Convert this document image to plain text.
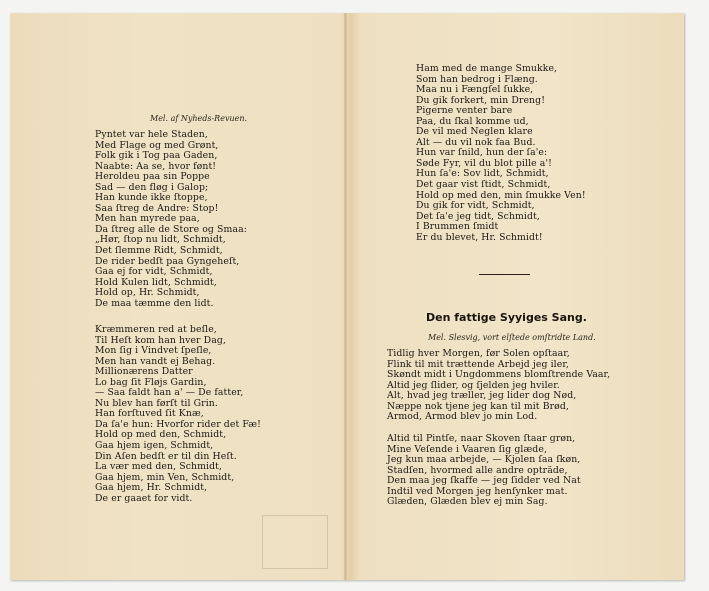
Mel. af Nyheds-Revuen.
Pyntet var hele Staden,
Med Flage og med Grønt,
Folk gik i Tog paa Gaden,
Naabte: Aa se, hvor fønt!
Heroldeu paa sin Poppe
Sad — den fløg i Galop;
Han kunde ikke ſtoppe,
Saa ſtreg de Andre: Stop!
Men han myrede paa,
Da ſtreg alle de Store og Smaa:
„Hør, ſtop nu lidt, Schmidt,
Det ſlemme Ridt, Schmidt,
De rider bedſt paa Gyngeheſt,
Gaa ej for vidt, Schmidt,
Hold Kulen lidt, Schmidt,
Hold op, Hr. Schmidt,
De maa tæmme den lidt.
Kræmmeren red at beſle,
Til Heſt kom han hver Dag,
Mon ſig i Vindvet ſpeſle,
Men han vandt ej Behag.
Millionærens Datter
Lo bag ſit Fløjs Gardin,
— Saa faldt han a' — De fatter,
Nu blev han førſt til Grin.
Han forſtuved ſit Knæ,
Da ſa'e hun: Hvorfor rider det Fæ!
Hold op med den, Schmidt,
Gaa hjem igen, Schmidt,
Din Aſen bedſt er til din Heſt.
La vær med den, Schmidt,
Gaa hjem, min Ven, Schmidt,
Gaa hjem, Hr. Schmidt,
De er gaaet for vidt.
Ham med de mange Smukke,
Som han bedrog i Flæng.
Maa nu i Fængſel ſukke,
Du gik forkert, min Dreng!
Pigerne venter bare
Paa, du ſkal komme ud,
De vil med Neglen klare
Alt — du vil nok faa Bud.
Hun var ſnild, hun der ſa'e:
Søde Fyr, vil du blot pille a'!
Hun ſa'e: Sov lidt, Schmidt,
Det gaar vist ſtidt, Schmidt,
Hold op med den, min ſmukke Ven!
Du gik for vidt, Schmidt,
Det ſa'e jeg tidt, Schmidt,
I Brummen ſmidt
Er du blevet, Hr. Schmidt!
Den fattige Syyiges Sang.
Mel. Slesvig, vort elſtede omſtridte Land.
Tidlig hver Morgen, før Solen opſtaar,
Flink til mit trættende Arbejd jeg iler,
Skøndt midt i Ungdommens blomſtrende Vaar,
Altid jeg ſlider, og ſjelden jeg hviler.
Alt, hvad jeg træller, jeg lider dog Nød,
Næppe nok tjene jeg kan til mit Brød,
Armod, Armod blev jo min Lod.
Altid til Pintſe, naar Skoven ſtaar grøn,
Mine Veſende i Vaaren ſig glæde,
Jeg kun maa arbejde, — Kjolen ſaa ſkøn,
Stadſen, hvormed alle andre opträde,
Den maa jeg ſkaffe — jeg ſidder ved Nat
Indtil ved Morgen jeg henſynker mat.
Glæden, Glæden blev ej min Sag.
